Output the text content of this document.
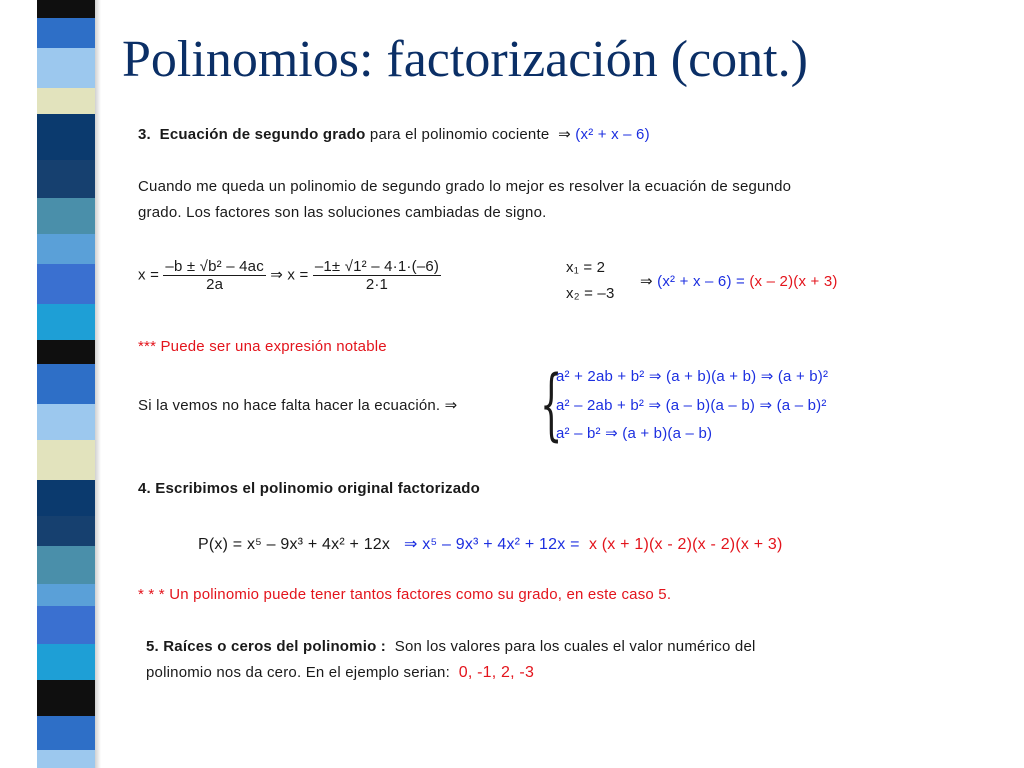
Polinomios: factorización (cont.)
3. Ecuación de segundo grado para el polinomio cociente ⇒ (x² + x – 6)
Cuando me queda un polinomio de segundo grado lo mejor es resolver la ecuación de segundo
grado. Los factores son las soluciones cambiadas de signo.
$x = \frac{\text{–b ± √b² – 4ac}}{2a}$ ⇒ $x = \frac{\text{–1± √1² – 4·1·(–6)}}{2\cdot 1}$	x₁ = 2
x₂ = –3
⇒ (x² + x – 6) = (x – 2)(x + 3)
*** Puede ser una expresión notable
Si la vemos no hace falta hacer la ecuación. ⇒ {
a² + 2ab + b² ⇒ (a + b)(a + b) ⇒ (a + b)²
a² – 2ab + b² ⇒ (a – b)(a – b) ⇒ (a – b)²
a² – b² ⇒ (a + b)(a – b)
4. Escribimos el polinomio original factorizado
P(x) = x⁵ – 9x³ + 4x² + 12x ⇒ x⁵ – 9x³ + 4x² + 12x = x (x + 1)(x - 2)(x - 2)(x + 3)
* * * Un polinomio puede tener tantos factores como su grado, en este caso 5.
5. Raíces o ceros del polinomio : Son los valores para los cuales el valor numérico del
polinomio nos da cero. En el ejemplo serian: 0, -1, 2, -3
